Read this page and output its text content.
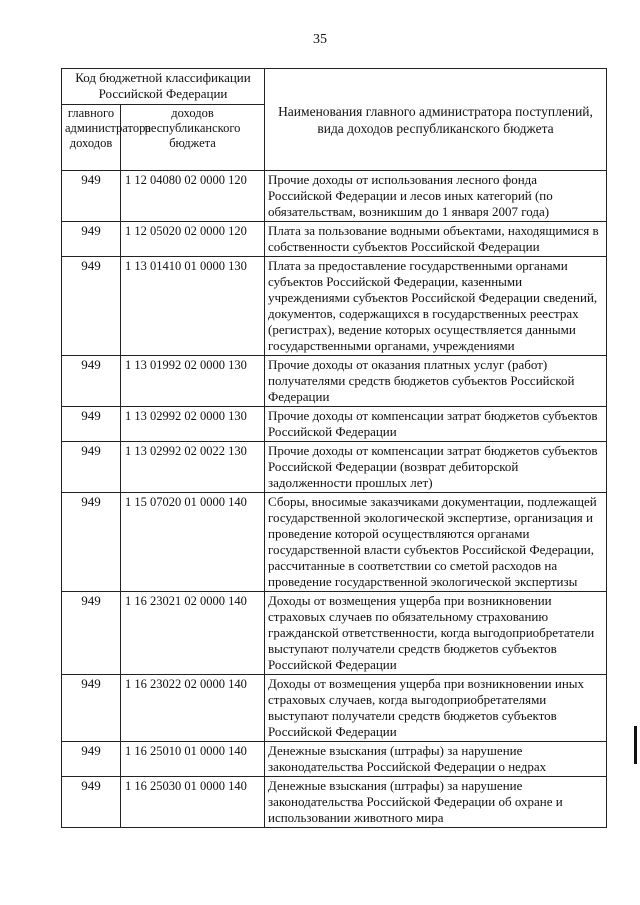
35
Код бюджетной классификации Российской Федерации		Наименования главного администратора поступлений, вида доходов республиканского бюджета
главного администратора доходов	доходов республиканского бюджета	
949	1 12 04080 02 0000 120	Прочие доходы от использования лесного фонда Российской Федерации и лесов иных категорий (по обязательствам, возникшим до 1 января 2007 года)
949	1 12 05020 02 0000 120	Плата за пользование водными объектами, находящимися в собственности субъектов Российской Федерации
949	1 13 01410 01 0000 130	Плата за предоставление государственными органами субъектов Российской Федерации, казенными учреждениями субъектов Российской Федерации сведений, документов, содержащихся в государственных реестрах (регистрах), ведение которых осуществляется данными государственными органами, учреждениями
949	1 13 01992 02 0000 130	Прочие доходы от оказания платных услуг (работ) получателями средств бюджетов субъектов Российской Федерации
949	1 13 02992 02 0000 130	Прочие доходы от компенсации затрат бюджетов субъектов Российской Федерации
949	1 13 02992 02 0022 130	Прочие доходы от компенсации затрат бюджетов субъектов Российской Федерации (возврат дебиторской задолженности прошлых лет)
949	1 15 07020 01 0000 140	Сборы, вносимые заказчиками документации, подлежащей государственной экологической экспертизе, организация и проведение которой осуществляются органами государственной власти субъектов Российской Федерации, рассчитанные в соответствии со сметой расходов на проведение государственной экологической экспертизы
949	1 16 23021 02 0000 140	Доходы от возмещения ущерба при возникновении страховых случаев по обязательному страхованию гражданской ответственности, когда выгодоприобретатели выступают получатели средств бюджетов субъектов Российской Федерации
949	1 16 23022 02 0000 140	Доходы от возмещения ущерба при возникновении иных страховых случаев, когда выгодоприобретателями выступают получатели средств бюджетов субъектов Российской Федерации
949	1 16 25010 01 0000 140	Денежные взыскания (штрафы) за нарушение законодательства Российской Федерации о недрах
949	1 16 25030 01 0000 140	Денежные взыскания (штрафы) за нарушение законодательства Российской Федерации об охране и использовании животного мира
